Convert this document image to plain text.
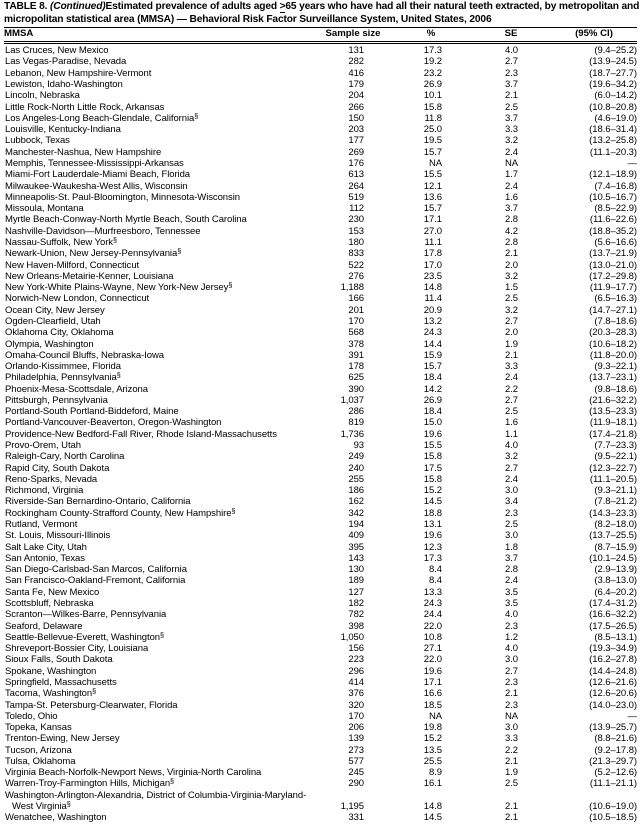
TABLE 8. (Continued)Estimated prevalence of adults aged >65 years who have had all their natural teeth extracted, by metropolitan and micropolitan statistical area (MMSA) — Behavioral Risk Factor Surveillance System, United States, 2006
MMSA	Sample size	%	SE	(95% CI)
Las Cruces, New Mexico	131	17.3	4.0	(9.4–25.2)
Las Vegas-Paradise, Nevada	282	19.2	2.7	(13.9–24.5)
Lebanon, New Hampshire-Vermont	416	23.2	2.3	(18.7–27.7)
Lewiston, Idaho-Washington	179	26.9	3.7	(19.6–34.2)
Lincoln, Nebraska	204	10.1	2.1	(6.0–14.2)
Little Rock-North Little Rock, Arkansas	266	15.8	2.5	(10.8–20.8)
Los Angeles-Long Beach-Glendale, California§	150	11.8	3.7	(4.6–19.0)
Louisville, Kentucky-Indiana	203	25.0	3.3	(18.6–31.4)
Lubbock, Texas	177	19.5	3.2	(13.2–25.8)
Manchester-Nashua, New Hampshire	269	15.7	2.4	(11.1–20.3)
Memphis, Tennessee-Mississippi-Arkansas	176	NA	NA	—
Miami-Fort Lauderdale-Miami Beach, Florida	613	15.5	1.7	(12.1–18.9)
Milwaukee-Waukesha-West Allis, Wisconsin	264	12.1	2.4	(7.4–16.8)
Minneapolis-St. Paul-Bloomington, Minnesota-Wisconsin	519	13.6	1.6	(10.5–16.7)
Missoula, Montana	112	15.7	3.7	(8.5–22.9)
Myrtle Beach-Conway-North Myrtle Beach, South Carolina	230	17.1	2.8	(11.6–22.6)
Nashville-Davidson—Murfreesboro, Tennessee	153	27.0	4.2	(18.8–35.2)
Nassau-Suffolk, New York§	180	11.1	2.8	(5.6–16.6)
Newark-Union, New Jersey-Pennsylvania§	833	17.8	2.1	(13.7–21.9)
New Haven-Milford, Connecticut	522	17.0	2.0	(13.0–21.0)
New Orleans-Metairie-Kenner, Louisiana	276	23.5	3.2	(17.2–29.8)
New York-White Plains-Wayne, New York-New Jersey§	1,188	14.8	1.5	(11.9–17.7)
Norwich-New London, Connecticut	166	11.4	2.5	(6.5–16.3)
Ocean City, New Jersey	201	20.9	3.2	(14.7–27.1)
Ogden-Clearfield, Utah	170	13.2	2.7	(7.8–18.6)
Oklahoma City, Oklahoma	568	24.3	2.0	(20.3–28.3)
Olympia, Washington	378	14.4	1.9	(10.6–18.2)
Omaha-Council Bluffs, Nebraska-Iowa	391	15.9	2.1	(11.8–20.0)
Orlando-Kissimmee, Florida	178	15.7	3.3	(9.3–22.1)
Philadelphia, Pennsylvania§	625	18.4	2.4	(13.7–23.1)
Phoenix-Mesa-Scottsdale, Arizona	390	14.2	2.2	(9.8–18.6)
Pittsburgh, Pennsylvania	1,037	26.9	2.7	(21.6–32.2)
Portland-South Portland-Biddeford, Maine	286	18.4	2.5	(13.5–23.3)
Portland-Vancouver-Beaverton, Oregon-Washington	819	15.0	1.6	(11.9–18.1)
Providence-New Bedford-Fall River, Rhode Island-Massachusetts	1,736	19.6	1.1	(17.4–21.8)
Provo-Orem, Utah	93	15.5	4.0	(7.7–23.3)
Raleigh-Cary, North Carolina	249	15.8	3.2	(9.5–22.1)
Rapid City, South Dakota	240	17.5	2.7	(12.3–22.7)
Reno-Sparks, Nevada	255	15.8	2.4	(11.1–20.5)
Richmond, Virginia	186	15.2	3.0	(9.3–21.1)
Riverside-San Bernardino-Ontario, California	162	14.5	3.4	(7.8–21.2)
Rockingham County-Strafford County, New Hampshire§	342	18.8	2.3	(14.3–23.3)
Rutland, Vermont	194	13.1	2.5	(8.2–18.0)
St. Louis, Missouri-Illinois	409	19.6	3.0	(13.7–25.5)
Salt Lake City, Utah	395	12.3	1.8	(8.7–15.9)
San Antonio, Texas	143	17.3	3.7	(10.1–24.5)
San Diego-Carlsbad-San Marcos, California	130	8.4	2.8	(2.9–13.9)
San Francisco-Oakland-Fremont, California	189	8.4	2.4	(3.8–13.0)
Santa Fe, New Mexico	127	13.3	3.5	(6.4–20.2)
Scottsbluff, Nebraska	182	24.3	3.5	(17.4–31.2)
Scranton—Wilkes-Barre, Pennsylvania	782	24.4	4.0	(16.6–32.2)
Seaford, Delaware	398	22.0	2.3	(17.5–26.5)
Seattle-Bellevue-Everett, Washington§	1,050	10.8	1.2	(8.5–13.1)
Shreveport-Bossier City, Louisiana	156	27.1	4.0	(19.3–34.9)
Sioux Falls, South Dakota	223	22.0	3.0	(16.2–27.8)
Spokane, Washington	296	19.6	2.7	(14.4–24.8)
Springfield, Massachusetts	414	17.1	2.3	(12.6–21.6)
Tacoma, Washington§	376	16.6	2.1	(12.6–20.6)
Tampa-St. Petersburg-Clearwater, Florida	320	18.5	2.3	(14.0–23.0)
Toledo, Ohio	170	NA	NA	—
Topeka, Kansas	206	19.8	3.0	(13.9–25.7)
Trenton-Ewing, New Jersey	139	15.2	3.3	(8.8–21.6)
Tucson, Arizona	273	13.5	2.2	(9.2–17.8)
Tulsa, Oklahoma	577	25.5	2.1	(21.3–29.7)
Virginia Beach-Norfolk-Newport News, Virginia-North Carolina	245	8.9	1.9	(5.2–12.6)
Warren-Troy-Farmington Hills, Michigan§	290	16.1	2.5	(11.1–21.1)
Washington-Arlington-Alexandria, District of Columbia-Virginia-Maryland-				
West Virginia§	1,195	14.8	2.1	(10.6–19.0)
Wenatchee, Washington	331	14.5	2.1	(10.5–18.5)
